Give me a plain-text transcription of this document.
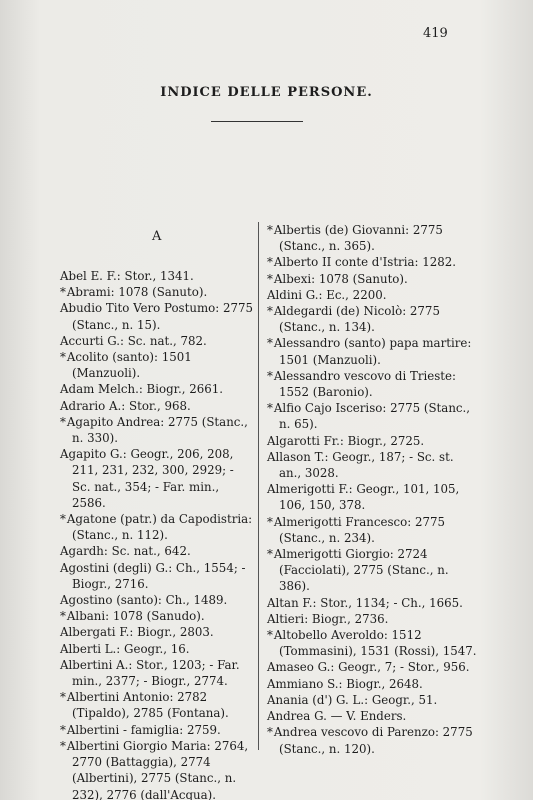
419
INDICE DELLE PERSONE.
A

Abel E. F.: Stor., 1341.

*Abrami: 1078 (Sanuto).

Abudio Tito Vero Postumo: 2775 (Stanc., n. 15).

Accurti G.: Sc. nat., 782.

*Acolito (santo): 1501 (Manzuoli).

Adam Melch.: Biogr., 2661.

Adrario A.: Stor., 968.

*Agapito Andrea: 2775 (Stanc., n. 330).

Agapito G.: Geogr., 206, 208, 211, 231, 232, 300, 2929; - Sc. nat., 354; - Far. min., 2586.

*Agatone (patr.) da Capodistria: (Stanc., n. 112).

Agardh: Sc. nat., 642.

Agostini (degli) G.: Ch., 1554; - Biogr., 2716.

Agostino (santo): Ch., 1489.

*Albani: 1078 (Sanudo).

Albergati F.: Biogr., 2803.

Alberti L.: Geogr., 16.

Albertini A.: Stor., 1203; - Far. min., 2377; - Biogr., 2774.

*Albertini Antonio: 2782 (Tipaldo), 2785 (Fontana).

*Albertini - famiglia: 2759.

*Albertini Giorgio Maria: 2764, 2770 (Battaggia), 2774 (Albertini), 2775 (Stanc., n. 232), 2776 (dall'Acqua).

*Albertis (de) Giovanni: 2775 (Stanc., n. 365).

*Alberto II conte d'Istria: 1282.

*Albexi: 1078 (Sanuto).

Aldini G.: Ec., 2200.

*Aldegardi (de) Nicolò: 2775 (Stanc., n. 134).

*Alessandro (santo) papa martire: 1501 (Manzuoli).

*Alessandro vescovo di Trieste: 1552 (Baronio).

*Alfio Cajo Isceriso: 2775 (Stanc., n. 65).

Algarotti Fr.: Biogr., 2725.

Allason T.: Geogr., 187; - Sc. st. an., 3028.

Almerigotti F.: Geogr., 101, 105, 106, 150, 378.

*Almerigotti Francesco: 2775 (Stanc., n. 234).

*Almerigotti Giorgio: 2724 (Facciolati), 2775 (Stanc., n. 386).

Altan F.: Stor., 1134; - Ch., 1665.

Altieri: Biogr., 2736.

*Altobello Averoldo: 1512 (Tommasini), 1531 (Rossi), 1547.

Amaseo G.: Geogr., 7; - Stor., 956.

Ammiano S.: Biogr., 2648.

Anania (d') G. L.: Geogr., 51.

Andrea G. — V. Enders.

*Andrea vescovo di Parenzo: 2775 (Stanc., n. 120).
